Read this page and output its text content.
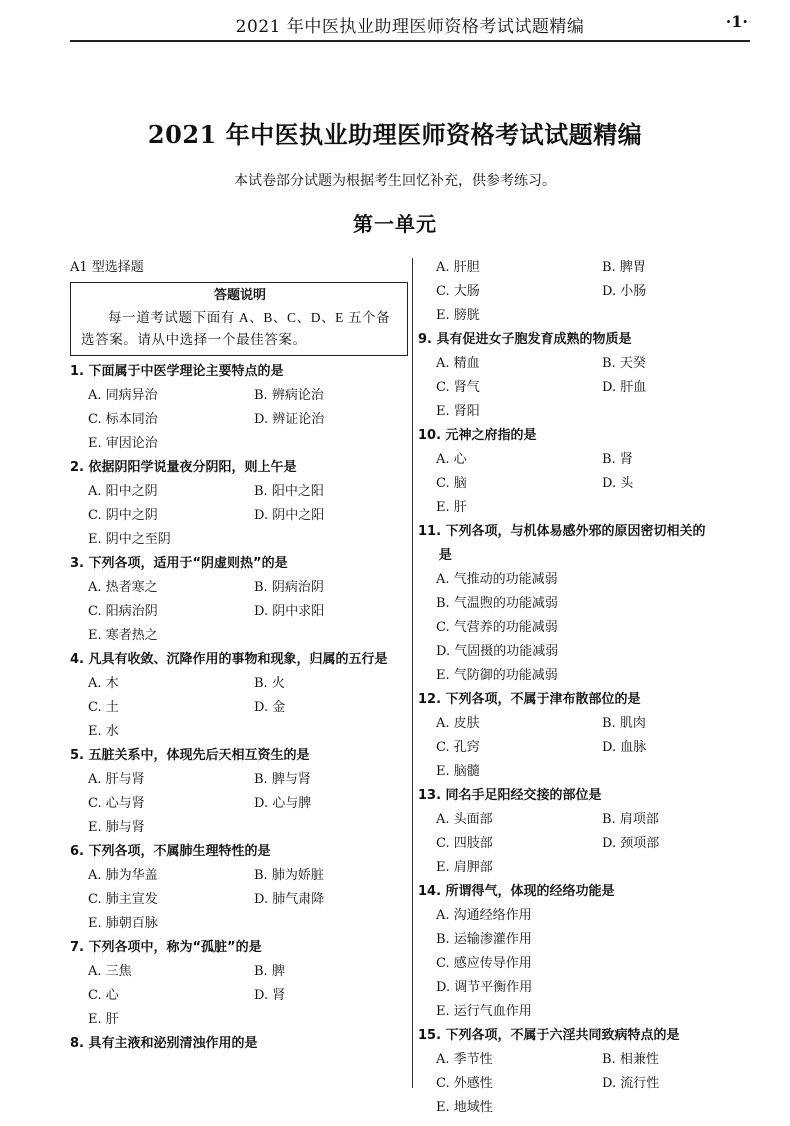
2021 年中医执业助理医师资格考试试题精编	·1·
2021 年中医执业助理医师资格考试试题精编
本试卷部分试题为根据考生回忆补充，供参考练习。
第一单元
A1 型选择题
答题说明
每一道考试题下面有 A、B、C、D、E 五个备选答案。请从中选择一个最佳答案。
1. 下面属于中医学理论主要特点的是
A. 同病异治	B. 辨病论治
C. 标本同治	D. 辨证论治
E. 审因论治
2. 依据阴阳学说量夜分阴阳，则上午是
A. 阳中之阴	B. 阳中之阳
C. 阴中之阴	D. 阴中之阳
E. 阴中之至阴
3. 下列各项，适用于“阴虚则热”的是
A. 热者寒之	B. 阴病治阴
C. 阳病治阴	D. 阴中求阳
E. 寒者热之
4. 凡具有收敛、沉降作用的事物和现象，归属的五行是
A. 木	B. 火
C. 土	D. 金
E. 水
5. 五脏关系中，体现先后天相互资生的是
A. 肝与肾	B. 脾与肾
C. 心与肾	D. 心与脾
E. 肺与肾
6. 下列各项，不属肺生理特性的是
A. 肺为华盖	B. 肺为娇脏
C. 肺主宣发	D. 肺气肃降
E. 肺朝百脉
7. 下列各项中，称为“孤脏”的是
A. 三焦	B. 脾
C. 心	D. 肾
E. 肝
8. 具有主液和泌别清浊作用的是
A. 肝胆	B. 脾胃
C. 大肠	D. 小肠
E. 膀胱
9. 具有促进女子胞发育成熟的物质是
A. 精血	B. 天癸
C. 肾气	D. 肝血
E. 肾阳
10. 元神之府指的是
A. 心	B. 肾
C. 脑	D. 头
E. 肝
11. 下列各项，与机体易感外邪的原因密切相关的是
A. 气推动的功能减弱
B. 气温煦的功能减弱
C. 气营养的功能减弱
D. 气固摄的功能减弱
E. 气防御的功能减弱
12. 下列各项，不属于津布散部位的是
A. 皮肤	B. 肌肉
C. 孔窍	D. 血脉
E. 脑髓
13. 同名手足阳经交接的部位是
A. 头面部	B. 肩项部
C. 四肢部	D. 颈项部
E. 肩胛部
14. 所谓得气，体现的经络功能是
A. 沟通经络作用
B. 运输渗灌作用
C. 感应传导作用
D. 调节平衡作用
E. 运行气血作用
15. 下列各项，不属于六淫共同致病特点的是
A. 季节性	B. 相兼性
C. 外感性	D. 流行性
E. 地域性
